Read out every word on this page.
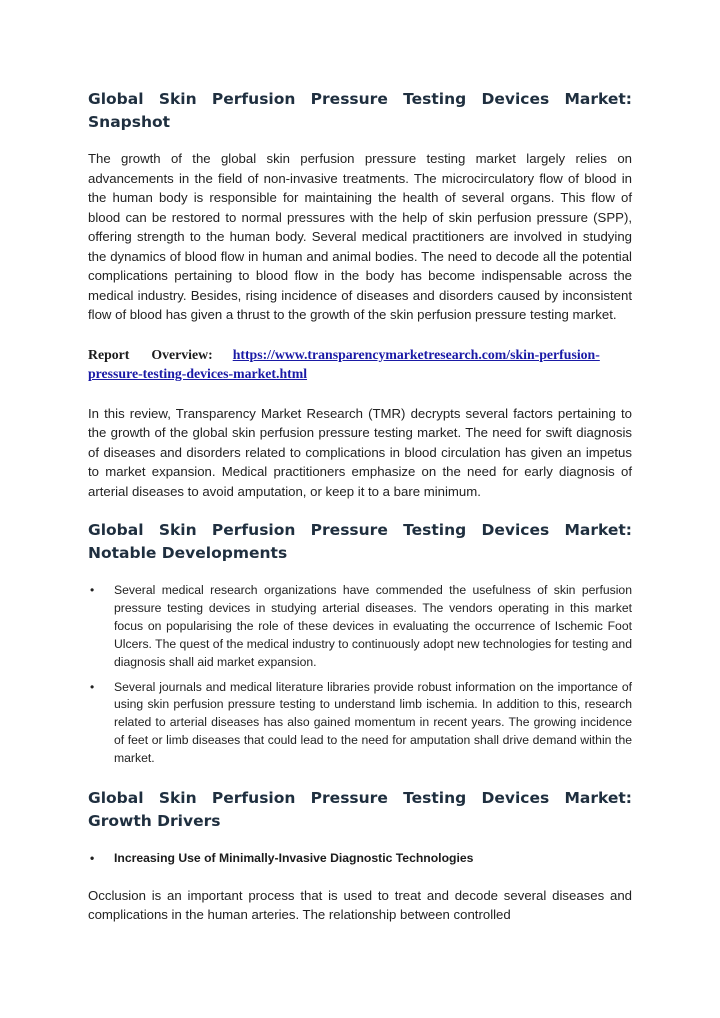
Global Skin Perfusion Pressure Testing Devices Market: Snapshot

The growth of the global skin perfusion pressure testing market largely relies on advancements in the field of non-invasive treatments. The microcirculatory flow of blood in the human body is responsible for maintaining the health of several organs. This flow of blood can be restored to normal pressures with the help of skin perfusion pressure (SPP), offering strength to the human body. Several medical practitioners are involved in studying the dynamics of blood flow in human and animal bodies. The need to decode all the potential complications pertaining to blood flow in the body has become indispensable across the medical industry. Besides, rising incidence of diseases and disorders caused by inconsistent flow of blood has given a thrust to the growth of the skin perfusion pressure testing market.

Report Overview: https://www.transparencymarketresearch.com/skin-perfusion-pressure-testing-devices-market.html

In this review, Transparency Market Research (TMR) decrypts several factors pertaining to the growth of the global skin perfusion pressure testing market. The need for swift diagnosis of diseases and disorders related to complications in blood circulation has given an impetus to market expansion. Medical practitioners emphasize on the need for early diagnosis of arterial diseases to avoid amputation, or keep it to a bare minimum.

Global Skin Perfusion Pressure Testing Devices Market: Notable Developments
• Several medical research organizations have commended the usefulness of skin perfusion pressure testing devices in studying arterial diseases. The vendors operating in this market focus on popularising the role of these devices in evaluating the occurrence of Ischemic Foot Ulcers. The quest of the medical industry to continuously adopt new technologies for testing and diagnosis shall aid market expansion.
• Several journals and medical literature libraries provide robust information on the importance of using skin perfusion pressure testing to understand limb ischemia. In addition to this, research related to arterial diseases has also gained momentum in recent years. The growing incidence of feet or limb diseases that could lead to the need for amputation shall drive demand within the market.
Global Skin Perfusion Pressure Testing Devices Market: Growth Drivers
• Increasing Use of Minimally-Invasive Diagnostic Technologies

Occlusion is an important process that is used to treat and decode several diseases and complications in the human arteries. The relationship between controlled
